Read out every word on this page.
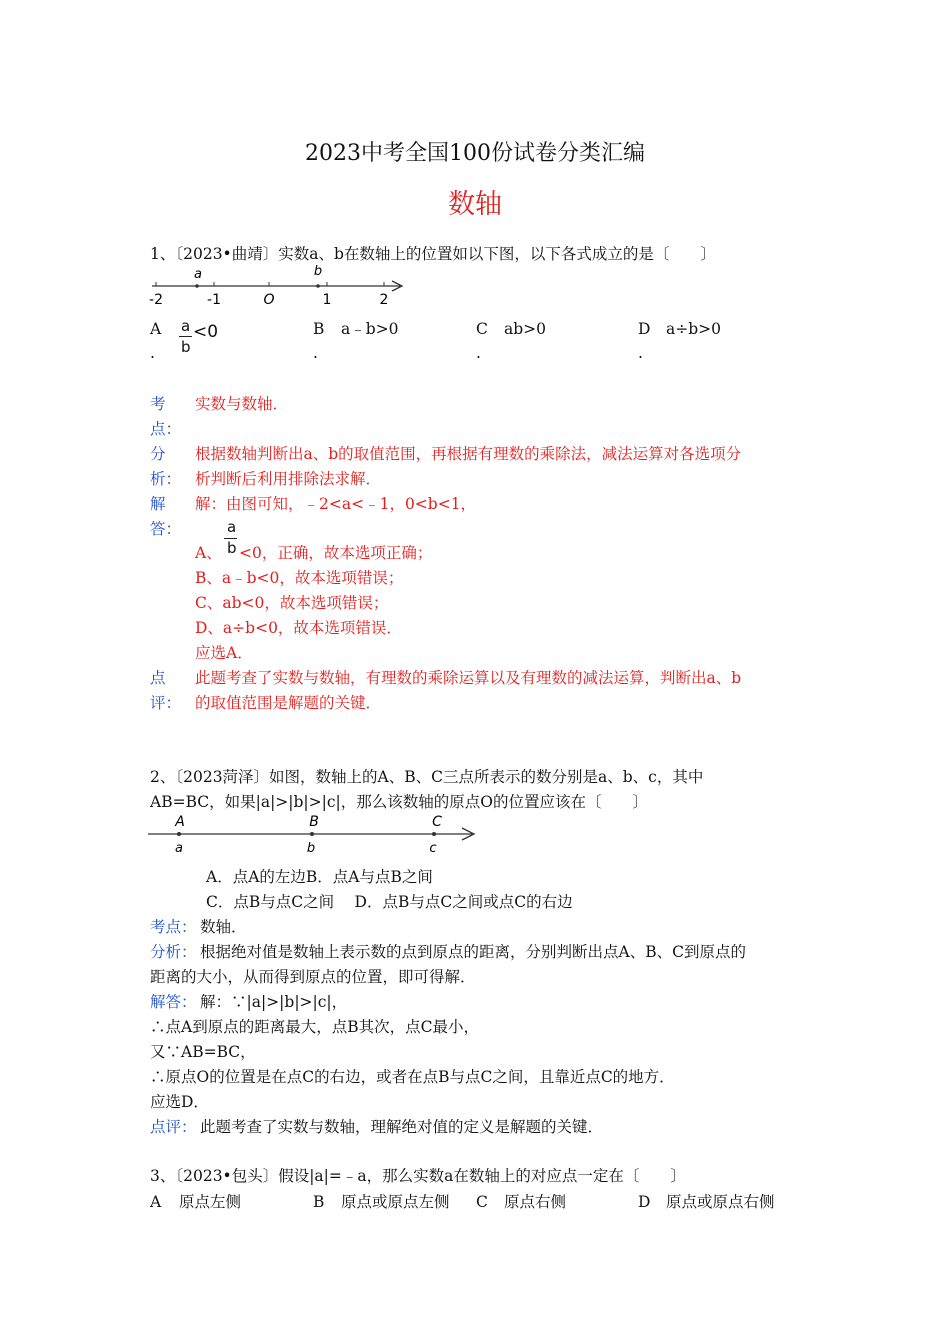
2023中考全国100份试卷分类汇编
数轴
1、〔2023•曲靖〕实数a、b在数轴上的位置如以下图，以下各式成立的是〔　　〕
a	b
-2	-1	O	1	2
A
.
a
b
<0	B a﹣b>0
.
C ab>0
.
D a÷b>0
.
考
点：
实数与数轴．
分
析：
根据数轴判断出a、b的取值范围，再根据有理数的乘除法，减法运算对各选项分
析判断后利用排除法求解．
解
答：
解：由图可知，﹣2<a<﹣1，0<b<1，
A、
a
b <0，正确，故本选项正确；
B、a﹣b<0，故本选项错误；
C、ab<0，故本选项错误；
D、a÷b<0，故本选项错误．
应选A．
点
评：
此题考查了实数与数轴，有理数的乘除运算以及有理数的减法运算，判断出a、b
的取值范围是解题的关键．
2、〔2023菏泽〕如图，数轴上的A、B、C三点所表示的数分别是a、b、c，其中
AB=BC，如果|a|>|b|>|c|，那么该数轴的原点O的位置应该在〔　　〕
A	B	C
a	b	c
A．点A的左边B．点A与点B之间
C．点B与点C之间　 D．点B与点C之间或点C的右边
考点： 数轴．
分析： 根据绝对值是数轴上表示数的点到原点的距离，分别判断出点A、B、C到原点的
距离的大小，从而得到原点的位置，即可得解．
解答： 解：∵|a|>|b|>|c|，
∴点A到原点的距离最大，点B其次，点C最小，
又∵AB=BC，
∴原点O的位置是在点C的右边，或者在点B与点C之间，且靠近点C的地方．
应选D．
点评： 此题考查了实数与数轴，理解绝对值的定义是解题的关键．
3、〔2023•包头〕假设|a|=﹣a，那么实数a在数轴上的对应点一定在〔　　〕
A 原点左侧	B 原点或原点左侧 C 原点右侧	D 原点或原点右侧
